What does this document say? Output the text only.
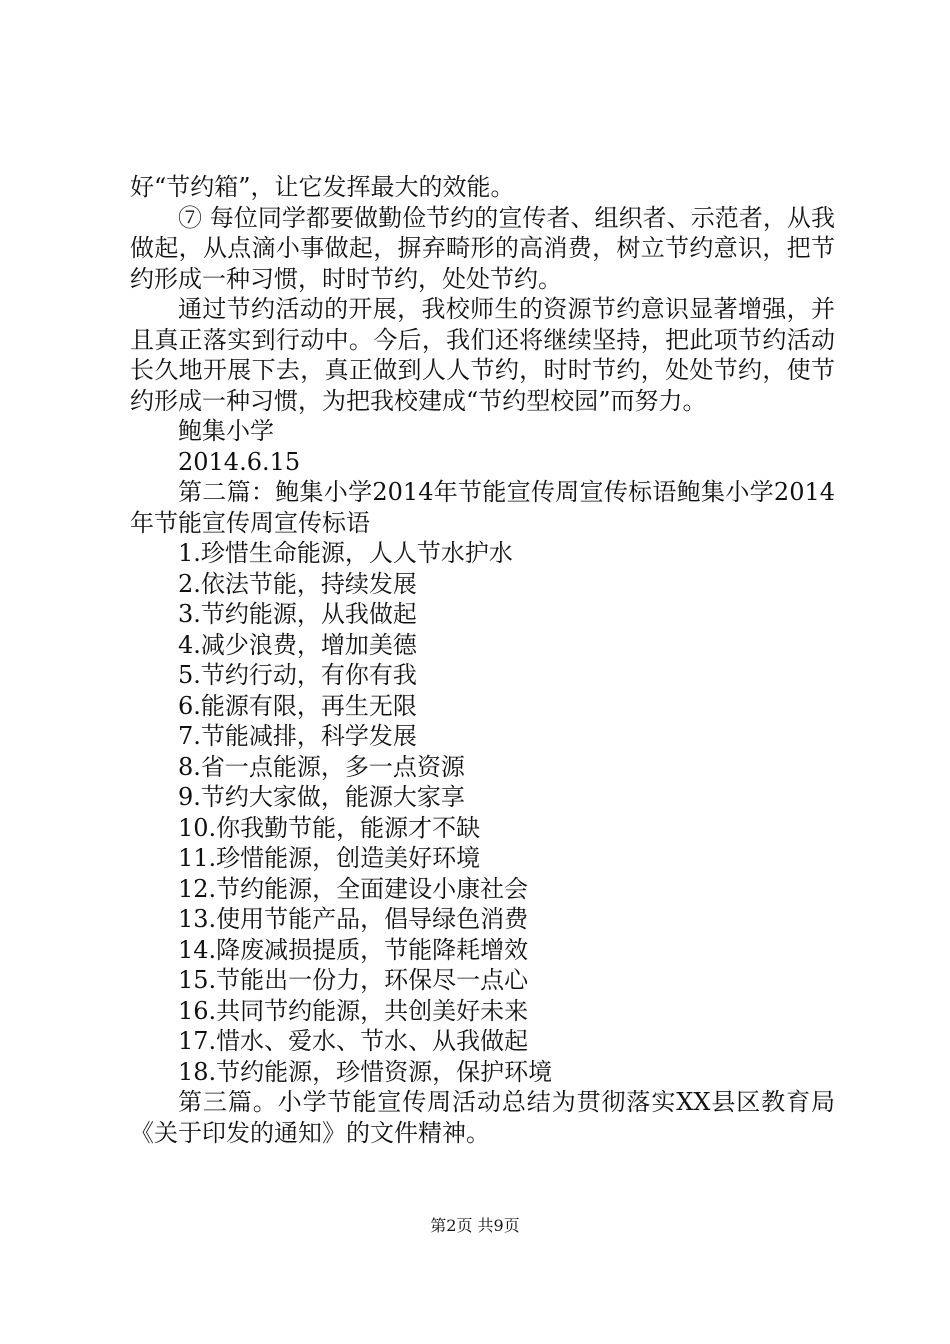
好“节约箱”，让它发挥最大的效能。

⑦ 每位同学都要做勤俭节约的宣传者、组织者、示范者，从我做起，从点滴小事做起，摒弃畸形的高消费，树立节约意识，把节约形成一种习惯，时时节约，处处节约。

通过节约活动的开展，我校师生的资源节约意识显著增强，并且真正落实到行动中。今后，我们还将继续坚持，把此项节约活动长久地开展下去，真正做到人人节约，时时节约，处处节约，使节约形成一种习惯，为把我校建成“节约型校园”而努力。

鲍集小学

2014.6.15

第二篇：鲍集小学2014年节能宣传周宣传标语鲍集小学2014年节能宣传周宣传标语

1.珍惜生命能源，人人节水护水
2.依法节能，持续发展
3.节约能源，从我做起
4.减少浪费，增加美德
5.节约行动，有你有我
6.能源有限，再生无限
7.节能减排，科学发展
8.省一点能源，多一点资源
9.节约大家做，能源大家享
10.你我勤节能，能源才不缺
11.珍惜能源，创造美好环境
12.节约能源，全面建设小康社会
13.使用节能产品，倡导绿色消费
14.降废减损提质，节能降耗增效
15.节能出一份力，环保尽一点心
16.共同节约能源，共创美好未来
17.惜水、爱水、节水、从我做起
18.节约能源，珍惜资源，保护环境

第三篇。小学节能宣传周活动总结为贯彻落实XX县区教育局《关于印发的通知》的文件精神。

第2页 共9页
